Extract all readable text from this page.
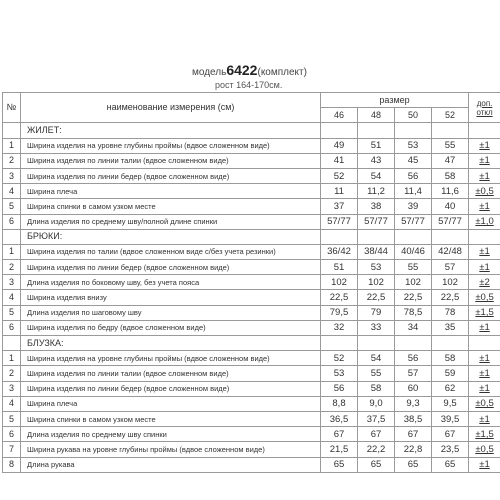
модель6422(комплект)
рост 164-170см.
№	наименование измерения (см)	размер				доп.
откл
		46	48	50	52	
	ЖИЛЕТ:					
1	Ширина изделия на уровне глубины проймы (вдвое сложенном виде)	49	51	53	55	±1
2	Ширина изделия по линии талии (вдвое сложенном виде)	41	43	45	47	±1
3	Ширина изделия по линии бедер (вдвое сложенном виде)	52	54	56	58	±1
4	Ширина плеча	11	11,2	11,4	11,6	±0,5
5	Ширина спинки в самом узком месте	37	38	39	40	±1
6	Длина изделия по среднему шву/полной длине спинки	57/77	57/77	57/77	57/77	±1,0
	БРЮКИ:					
1	Ширина изделия по талии (вдвое сложенном виде с/без учета резинки)	36/42	38/44	40/46	42/48	±1
2	Ширина изделия по линии бедер (вдвое сложенном виде)	51	53	55	57	±1
3	Длина изделия по боковому шву, без учета пояса	102	102	102	102	±2
4	Ширина изделия внизу	22,5	22,5	22,5	22,5	±0,5
5	Длина изделия по шаговому шву	79,5	79	78,5	78	±1,5
6	Ширина изделия по бедру (вдвое сложенном виде)	32	33	34	35	±1
	БЛУЗКА:					
1	Ширина изделия на уровне глубины проймы (вдвое сложенном виде)	52	54	56	58	±1
2	Ширина изделия по линии талии (вдвое сложенном виде)	53	55	57	59	±1
3	Ширина изделия по линии бедер (вдвое сложенном виде)	56	58	60	62	±1
4	Ширина плеча	8,8	9,0	9,3	9,5	±0,5
5	Ширина спинки в самом узком месте	36,5	37,5	38,5	39,5	±1
6	Длина изделия по среднему шву спинки	67	67	67	67	±1,5
7	Ширина рукава на уровне глубины проймы (вдвое сложенном виде)	21,5	22,2	22,8	23,5	±0,5
8	Длина рукава	65	65	65	65	±1
